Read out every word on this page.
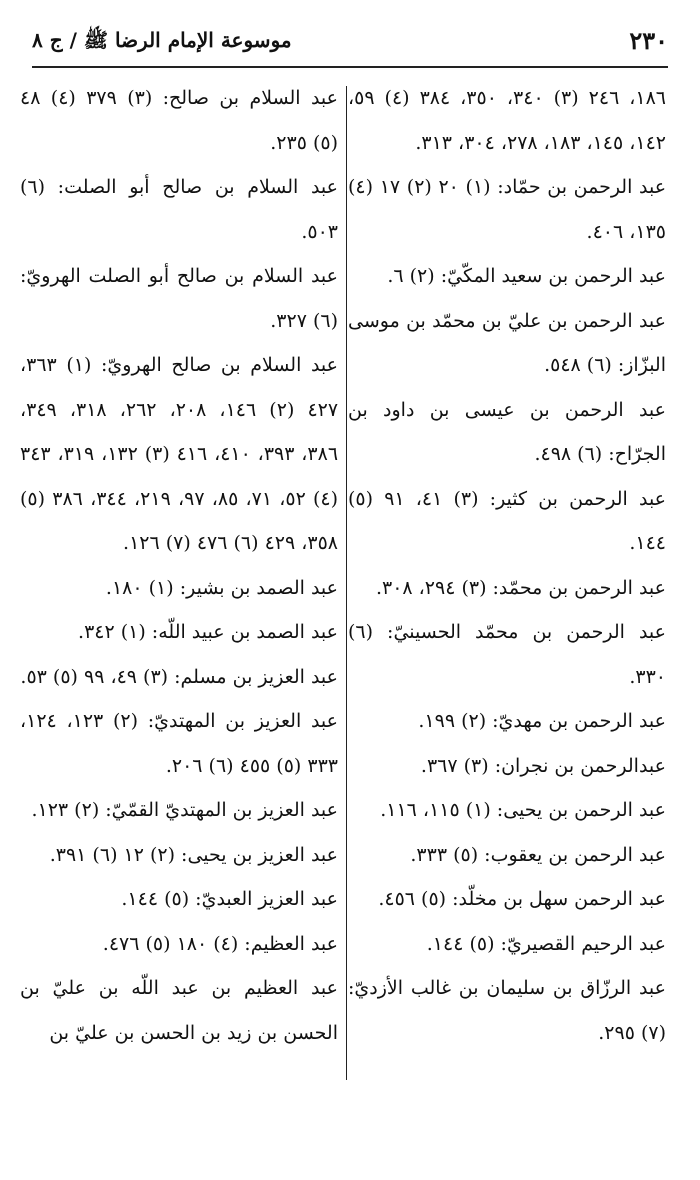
٢٣٠
موسوعة الإمام الرضا ﷺ / ج ٨

١٨٦، ٢٤٦ (٣) ٣٤٠، ٣٥٠، ٣٨٤ (٤) ٥٩، ١٤٢، ١٤٥، ١٨٣، ٢٧٨، ٣٠٤، ٣١٣.

عبد الرحمن بن حمّاد: (١) ٢٠ (٢) ١٧ (٤) ١٣٥، ٤٠٦.

عبد الرحمن بن سعيد المكّيّ: (٢) ٦.

عبد الرحمن بن عليّ بن محمّد بن موسى البزّاز: (٦) ٥٤٨.

عبد الرحمن بن عيسى بن داود بن الجرّاح: (٦) ٤٩٨.

عبد الرحمن بن كثير: (٣) ٤١، ٩١ (٥) ١٤٤.

عبد الرحمن بن محمّد: (٣) ٢٩٤، ٣٠٨.

عبد الرحمن بن محمّد الحسينيّ: (٦) ٣٣٠.

عبد الرحمن بن مهديّ: (٢) ١٩٩.

عبدالرحمن بن نجران: (٣) ٣٦٧.

عبد الرحمن بن يحيى: (١) ١١٥، ١١٦.

عبد الرحمن بن يعقوب: (٥) ٣٣٣.

عبد الرحمن سهل بن مخلّد: (٥) ٤٥٦.

عبد الرحيم القصيريّ: (٥) ١٤٤.

عبد الرزّاق بن سليمان بن غالب الأزديّ: (٧) ٢٩٥.

عبد السلام بن صالح: (٣) ٣٧٩ (٤) ٤٨ (٥) ٢٣٥.

عبد السلام بن صالح أبو الصلت: (٦) ٥٠٣.

عبد السلام بن صالح أبو الصلت الهرويّ: (٦) ٣٢٧.

عبد السلام بن صالح الهرويّ: (١) ٣٦٣، ٤٢٧ (٢) ١٤٦، ٢٠٨، ٢٦٢، ٣١٨، ٣٤٩، ٣٨٦، ٣٩٣، ٤١٠، ٤١٦ (٣) ١٣٢، ٣١٩، ٣٤٣ (٤) ٥٢، ٧١، ٨٥، ٩٧، ٢١٩، ٣٤٤، ٣٨٦ (٥) ٣٥٨، ٤٢٩ (٦) ٤٧٦ (٧) ١٢٦.

عبد الصمد بن بشير: (١) ١٨٠.

عبد الصمد بن عبيد اللّه: (١) ٣٤٢.

عبد العزيز بن مسلم: (٣) ٤٩، ٩٩ (٥) ٥٣.

عبد العزيز بن المهتديّ: (٢) ١٢٣، ١٢٤، ٣٣٣ (٥) ٤٥٥ (٦) ٢٠٦.

عبد العزيز بن المهتديّ القمّيّ: (٢) ١٢٣.

عبد العزيز بن يحيى: (٢) ١٢ (٦) ٣٩١.

عبد العزيز العبديّ: (٥) ١٤٤.

عبد العظيم: (٤) ١٨٠ (٥) ٤٧٦.

عبد العظيم بن عبد اللّه بن عليّ بن الحسن بن زيد بن الحسن بن عليّ بن
